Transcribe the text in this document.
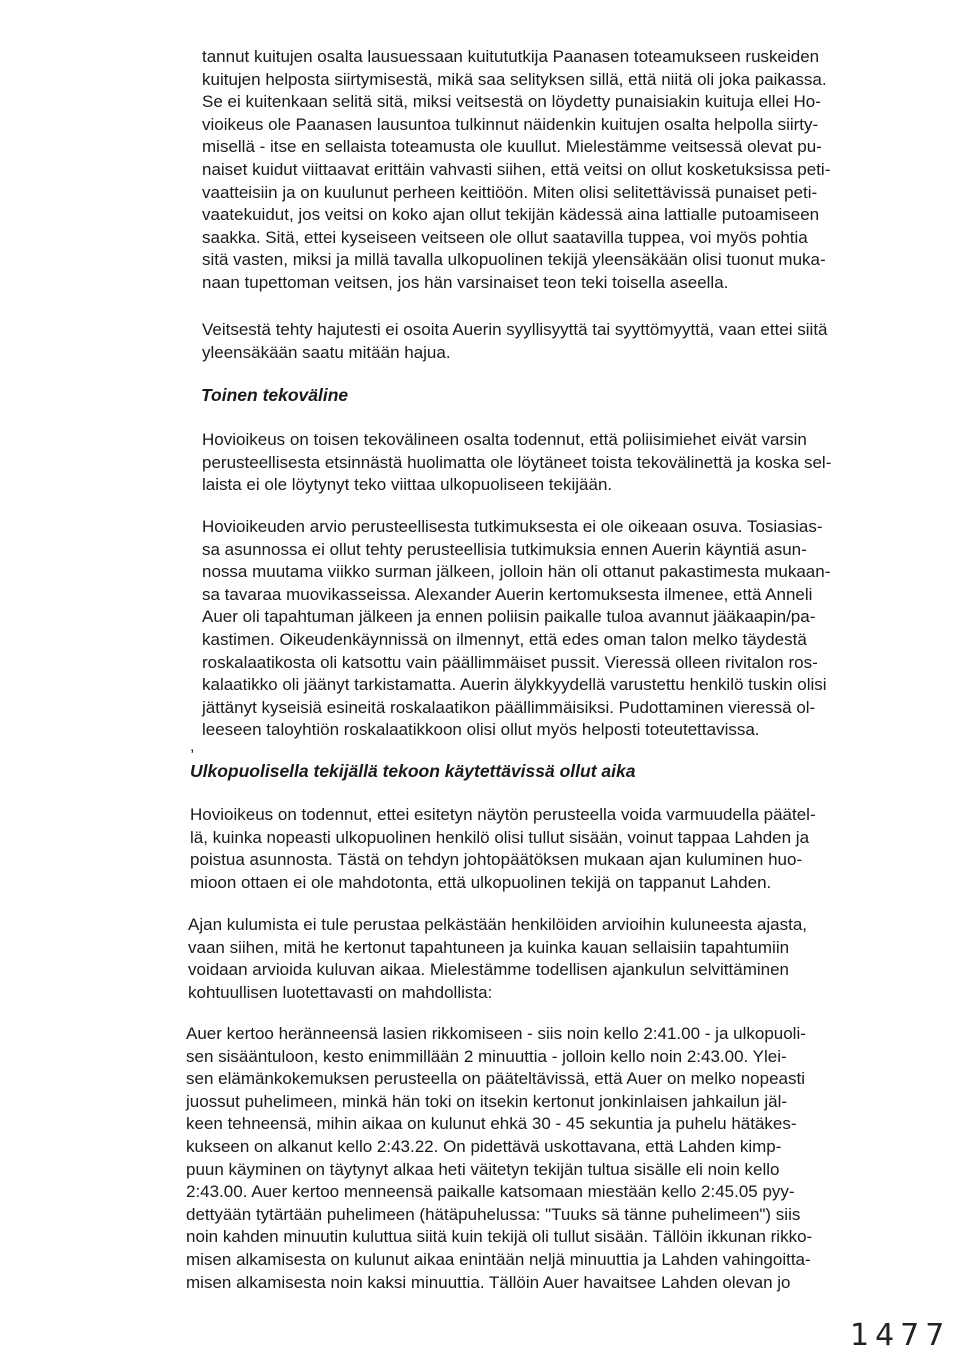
tannut kuitujen osalta lausuessaan kuitututkija Paanasen toteamukseen ruskeiden
kuitujen helposta siirtymisestä, mikä saa selityksen sillä, että niitä oli joka paikassa.
Se ei kuitenkaan selitä sitä, miksi veitsestä on löydetty punaisiakin kuituja ellei Ho-
vioikeus ole Paanasen lausuntoa tulkinnut näidenkin kuitujen osalta helpolla siirty-
misellä - itse en sellaista toteamusta ole kuullut. Mielestämme veitsessä olevat pu-
naiset kuidut viittaavat erittäin vahvasti siihen, että veitsi on ollut kosketuksissa peti-
vaatteisiin ja on kuulunut perheen keittiöön. Miten olisi selitettävissä punaiset peti-
vaatekuidut, jos veitsi on koko ajan ollut tekijän kädessä aina lattialle putoamiseen
saakka. Sitä, ettei kyseiseen veitseen ole ollut saatavilla tuppea, voi myös pohtia
sitä vasten, miksi ja millä tavalla ulkopuolinen tekijä yleensäkään olisi tuonut muka-
naan tupettoman veitsen, jos hän varsinaiset teon teki toisella aseella.
Veitsestä tehty hajutesti ei osoita Auerin syyllisyyttä tai syyttömyyttä, vaan ettei siitä
yleensäkään saatu mitään hajua.
Toinen tekoväline
Hovioikeus on toisen tekovälineen osalta todennut, että poliisimiehet eivät varsin
perusteellisesta etsinnästä huolimatta ole löytäneet toista tekovälinettä ja koska sel-
laista ei ole löytynyt teko viittaa ulkopuoliseen tekijään.
Hovioikeuden arvio perusteellisesta tutkimuksesta ei ole oikeaan osuva. Tosiasias-
sa asunnossa ei ollut tehty perusteellisia tutkimuksia ennen Auerin käyntiä asun-
nossa muutama viikko surman jälkeen, jolloin hän oli ottanut pakastimesta mukaan-
sa tavaraa muovikasseissa. Alexander Auerin kertomuksesta ilmenee, että Anneli
Auer oli tapahtuman jälkeen ja ennen poliisin paikalle tuloa avannut jääkaapin/pa-
kastimen. Oikeudenkäynnissä on ilmennyt, että edes oman talon melko täydestä
roskalaatikosta oli katsottu vain päällimmäiset pussit. Vieressä olleen rivitalon ros-
kalaatikko oli jäänyt tarkistamatta. Auerin älykkyydellä varustettu henkilö tuskin olisi
jättänyt kyseisiä esineitä roskalaatikon päällimmäisiksi. Pudottaminen vieressä ol-
leeseen taloyhtiön roskalaatikkoon olisi ollut myös helposti toteutettavissa.
,
Ulkopuolisella tekijällä tekoon käytettävissä ollut aika
Hovioikeus on todennut, ettei esitetyn näytön perusteella voida varmuudella päätel-
lä, kuinka nopeasti ulkopuolinen henkilö olisi tullut sisään, voinut tappaa Lahden ja
poistua asunnosta. Tästä on tehdyn johtopäätöksen mukaan ajan kuluminen huo-
mioon ottaen ei ole mahdotonta, että ulkopuolinen tekijä on tappanut Lahden.
Ajan kulumista ei tule perustaa pelkästään henkilöiden arvioihin kuluneesta ajasta,
vaan siihen, mitä he kertonut tapahtuneen ja kuinka kauan sellaisiin tapahtumiin
voidaan arvioida kuluvan aikaa. Mielestämme todellisen ajankulun selvittäminen
kohtuullisen luotettavasti on mahdollista:
Auer kertoo heränneensä lasien rikkomiseen - siis noin kello 2:41.00 - ja ulkopuoli-
sen sisääntuloon, kesto enimmillään 2 minuuttia - jolloin kello noin 2:43.00. Ylei-
sen elämänkokemuksen perusteella on pääteltävissä, että Auer on melko nopeasti
juossut puhelimeen, minkä hän toki on itsekin kertonut jonkinlaisen jahkailun jäl-
keen tehneensä, mihin aikaa on kulunut ehkä 30 - 45 sekuntia ja puhelu hätäkes-
kukseen on alkanut kello 2:43.22. On pidettävä uskottavana, että Lahden kimp-
puun käyminen on täytynyt alkaa heti väitetyn tekijän tultua sisälle eli noin kello
2:43.00. Auer kertoo menneensä paikalle katsomaan miestään kello 2:45.05 pyy-
dettyään tytärtään puhelimeen (hätäpuhelussa: "Tuuks sä tänne puhelimeen") siis
noin kahden minuutin kuluttua siitä kuin tekijä oli tullut sisään. Tällöin ikkunan rikko-
misen alkamisesta on kulunut aikaa enintään neljä minuuttia ja Lahden vahingoitta-
misen alkamisesta noin kaksi minuuttia. Tällöin Auer havaitsee Lahden olevan jo
1477
